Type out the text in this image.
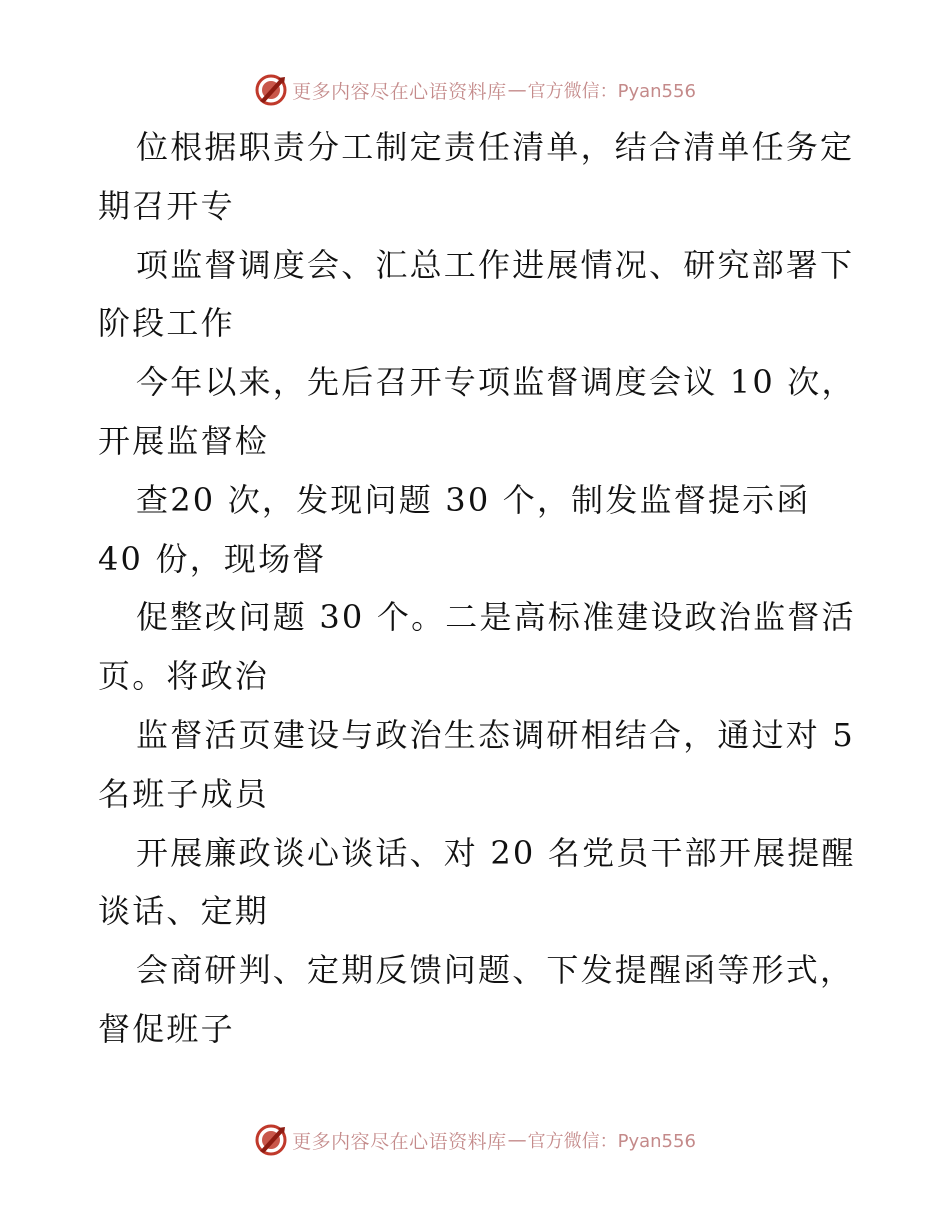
更多内容尽在心语资料库 — 官方微信：Pyan556
位根据职责分工制定责任清单，结合清单任务定
期召开专
项监督调度会、汇总工作进展情况、研究部署下
阶段工作
今年以来，先后召开专项监督调度会议 10 次，
开展监督检
查20 次，发现问题 30 个，制发监督提示函
40 份，现场督
促整改问题 30 个。二是高标准建设政治监督活
页。将政治
监督活页建设与政治生态调研相结合，通过对 5
名班子成员
开展廉政谈心谈话、对 20 名党员干部开展提醒
谈话、定期
会商研判、定期反馈问题、下发提醒函等形式，
督促班子
更多内容尽在心语资料库 — 官方微信：Pyan556
